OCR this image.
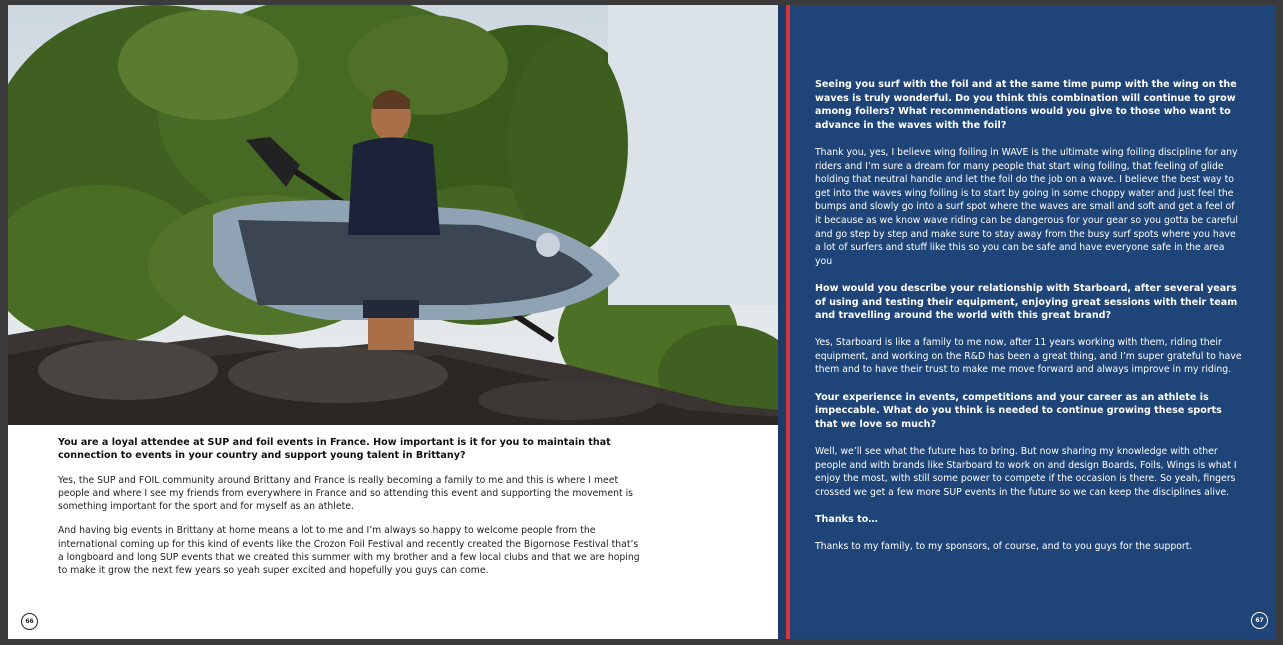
You are a loyal attendee at SUP and foil events in France. How important is it for you to maintain that connection to events in your country and support young talent in Brittany?

Yes, the SUP and FOIL community around Brittany and France is really becoming a family to me and this is where I meet people and where I see my friends from everywhere in France and so attending this event and supporting the movement is something important for the sport and for myself as an athlete.

And having big events in Brittany at home means a lot to me and I’m always so happy to welcome people from the international coming up for this kind of events like the Crozon Foil Festival and recently created the Bigornose Festival that’s a longboard and long SUP events that we created this summer with my brother and a few local clubs and that we are hoping to make it grow the next few years so yeah super excited and hopefully you guys can come.

66

Seeing you surf with the foil and at the same time pump with the wing on the waves is truly wonderful. Do you think this combination will continue to grow among foilers? What recommendations would you give to those who want to advance in the waves with the foil?

Thank you, yes, I believe wing foiling in WAVE is the ultimate wing foiling discipline for any riders and I’m sure a dream for many people that start wing foiling, that feeling of glide holding that neutral handle and let the foil do the job on a wave. I believe the best way to get into the waves wing foiling is to start by going in some choppy water and just feel the bumps and slowly go into a surf spot where the waves are small and soft and get a feel of it because as we know wave riding can be dangerous for your gear so you gotta be careful and go step by step and make sure to stay away from the busy surf spots where you have a lot of surfers and stuff like this so you can be safe and have everyone safe in the area you

How would you describe your relationship with Starboard, after several years of using and testing their equipment, enjoying great sessions with their team and travelling around the world with this great brand?

Yes, Starboard is like a family to me now, after 11 years working with them, riding their equipment, and working on the R&D has been a great thing, and I’m super grateful to have them and to have their trust to make me move forward and always improve in my riding.

Your experience in events, competitions and your career as an athlete is impeccable. What do you think is needed to continue growing these sports that we love so much?

Well, we’ll see what the future has to bring. But now sharing my knowledge with other people and with brands like Starboard to work on and design Boards, Foils, Wings is what I enjoy the most, with still some power to compete if the occasion is there. So yeah, fingers crossed we get a few more SUP events in the future so we can keep the disciplines alive.

Thanks to…

Thanks to my family, to my sponsors, of course, and to you guys for the support.

67
